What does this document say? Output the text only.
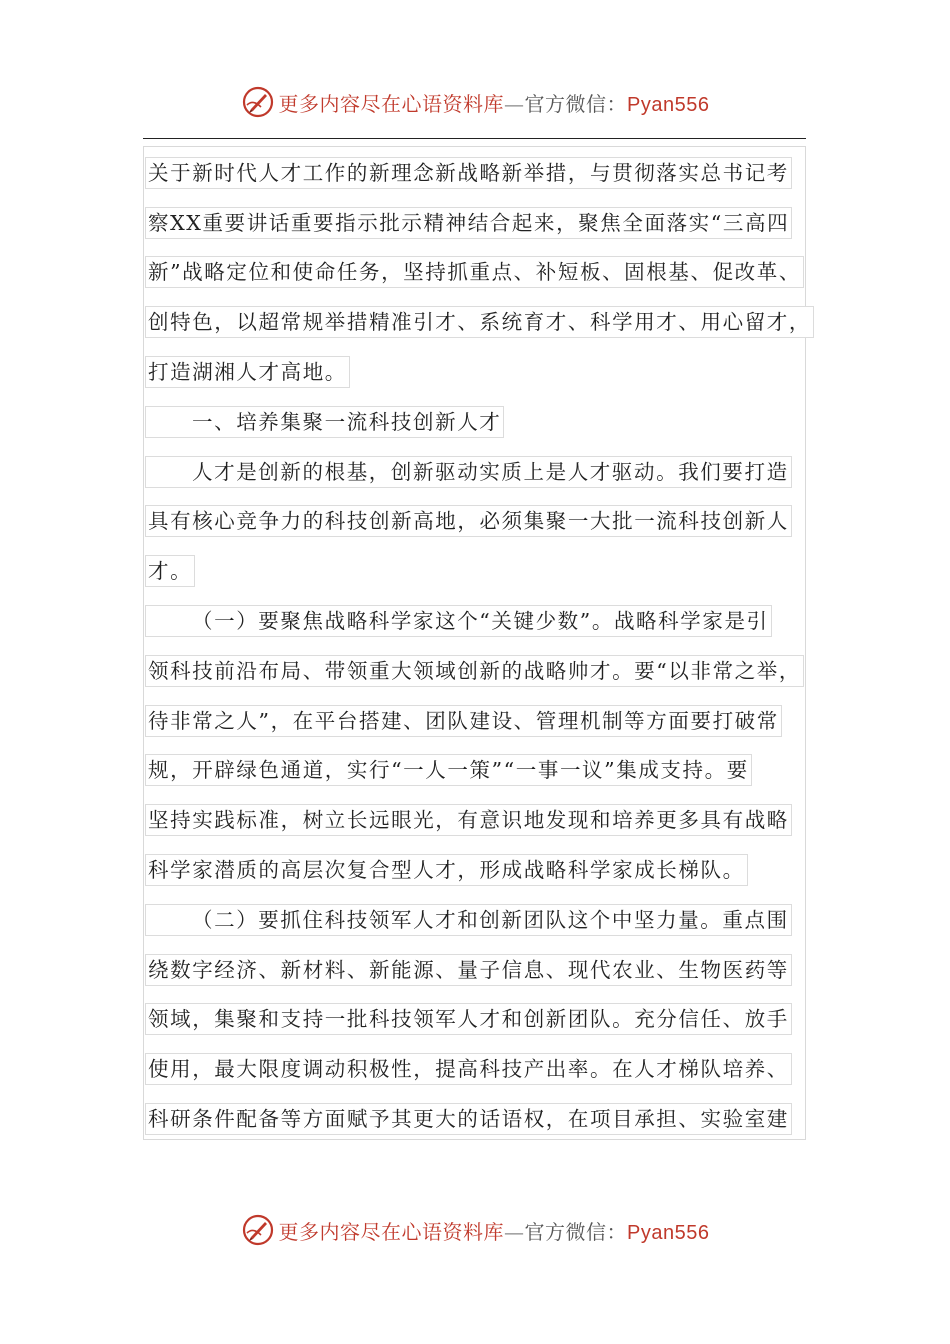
更多内容尽在心语资料库—官方微信：Pyan556
关于新时代人才工作的新理念新战略新举措，与贯彻落实总书记考
察XX重要讲话重要指示批示精神结合起来，聚焦全面落实“三高四
新”战略定位和使命任务，坚持抓重点、补短板、固根基、促改革、
创特色，以超常规举措精准引才、系统育才、科学用才、用心留才，
打造湖湘人才高地。
一、培养集聚一流科技创新人才
人才是创新的根基，创新驱动实质上是人才驱动。我们要打造
具有核心竞争力的科技创新高地，必须集聚一大批一流科技创新人
才。
（一）要聚焦战略科学家这个“关键少数”。战略科学家是引
领科技前沿布局、带领重大领域创新的战略帅才。要“以非常之举，
待非常之人”，在平台搭建、团队建设、管理机制等方面要打破常
规，开辟绿色通道，实行“一人一策”“一事一议”集成支持。要
坚持实践标准，树立长远眼光，有意识地发现和培养更多具有战略
科学家潜质的高层次复合型人才，形成战略科学家成长梯队。
（二）要抓住科技领军人才和创新团队这个中坚力量。重点围
绕数字经济、新材料、新能源、量子信息、现代农业、生物医药等
领域，集聚和支持一批科技领军人才和创新团队。充分信任、放手
使用，最大限度调动积极性，提高科技产出率。在人才梯队培养、
科研条件配备等方面赋予其更大的话语权，在项目承担、实验室建
更多内容尽在心语资料库—官方微信：Pyan556
